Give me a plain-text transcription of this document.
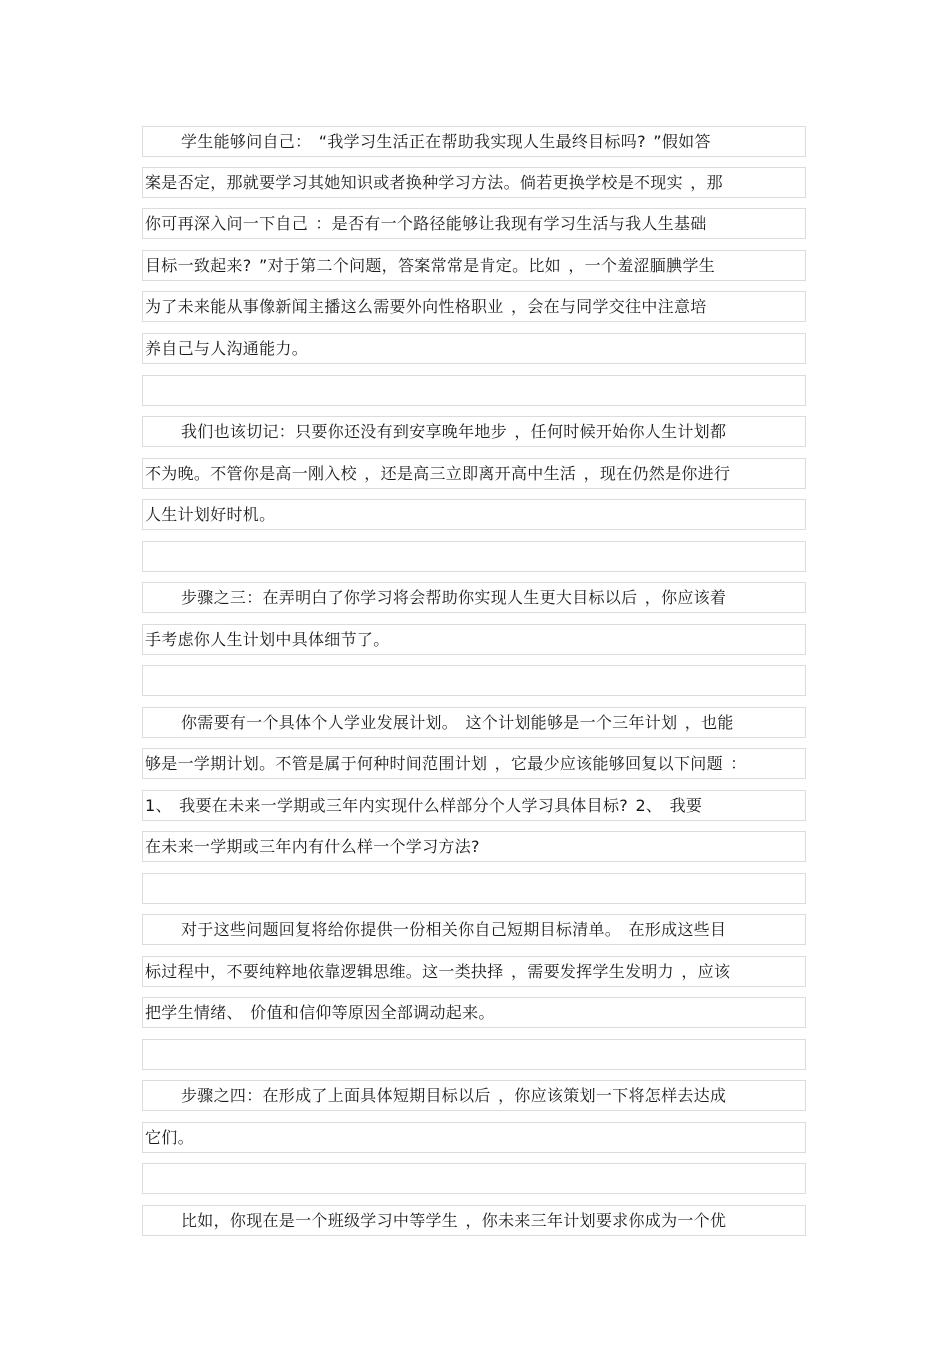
学生能够问自己： “我学习生活正在帮助我实现人生最终目标吗? ”假如答
案是否定，那就要学习其她知识或者换种学习方法。倘若更换学校是不现实 ，那
你可再深入问一下自己 ：是否有一个路径能够让我现有学习生活与我人生基础
目标一致起来? ”对于第二个问题，答案常常是肯定。比如 ，一个羞涩腼腆学生
为了未来能从事像新闻主播这么需要外向性格职业 ，会在与同学交往中注意培
养自己与人沟通能力。
我们也该切记：只要你还没有到安享晚年地步 ，任何时候开始你人生计划都
不为晚。不管你是高一刚入校 ，还是高三立即离开高中生活 ，现在仍然是你进行
人生计划好时机。
步骤之三：在弄明白了你学习将会帮助你实现人生更大目标以后 ，你应该着
手考虑你人生计划中具体细节了。
你需要有一个具体个人学业发展计划。 这个计划能够是一个三年计划 ，也能
够是一学期计划。不管是属于何种时间范围计划 ，它最少应该能够回复以下问题 ：
1、 我要在未来一学期或三年内实现什么样部分个人学习具体目标? 2、 我要
在未来一学期或三年内有什么样一个学习方法?
对于这些问题回复将给你提供一份相关你自己短期目标清单。 在形成这些目
标过程中，不要纯粹地依靠逻辑思维。这一类抉择 ，需要发挥学生发明力 ，应该
把学生情绪、 价值和信仰等原因全部调动起来。
步骤之四：在形成了上面具体短期目标以后 ，你应该策划一下将怎样去达成
它们。
比如，你现在是一个班级学习中等学生 ，你未来三年计划要求你成为一个优
